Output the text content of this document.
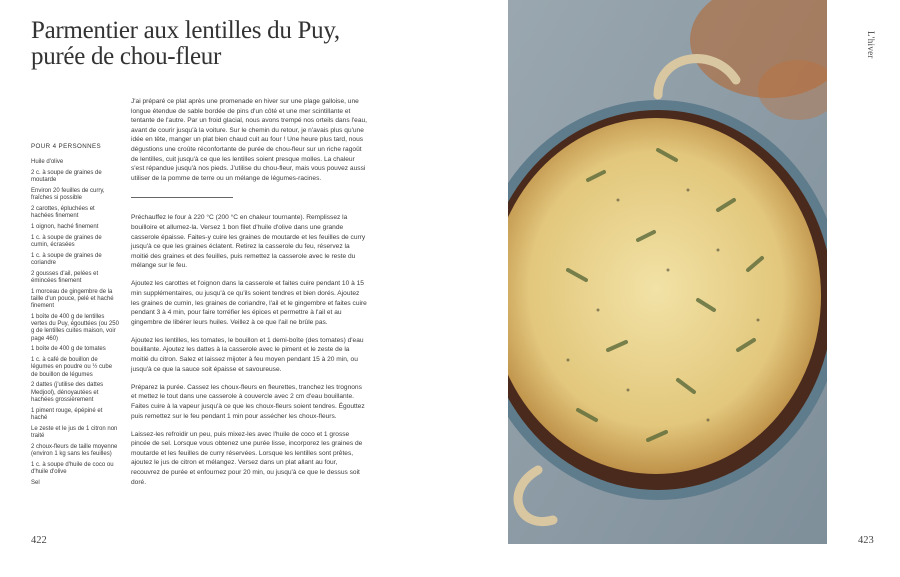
Parmentier aux lentilles du Puy,
purée de chou-fleur
POUR 4 PERSONNES
Huile d'olive
2 c. à soupe de graines de moutarde
Environ 20 feuilles de curry, fraîches si possible
2 carottes, épluchées et hachées finement
1 oignon, haché finement
1 c. à soupe de graines de cumin, écrasées
1 c. à soupe de graines de coriandre
2 gousses d'ail, pelées et émincées finement
1 morceau de gingembre de la taille d'un pouce, pelé et haché finement
1 boîte de 400 g de lentilles vertes du Puy, égouttées (ou 250 g de lentilles cuites maison, voir page 460)
1 boîte de 400 g de tomates
1 c. à café de bouillon de légumes en poudre ou ½ cube de bouillon de légumes
2 dattes (j'utilise des dattes Medjool), dénoyautées et hachées grossièrement
1 piment rouge, épépiné et haché
Le zeste et le jus de 1 citron non traité
2 choux-fleurs de taille moyenne (environ 1 kg sans les feuilles)
1 c. à soupe d'huile de coco ou d'huile d'olive
Sel

J'ai préparé ce plat après une promenade en hiver sur une plage galloise, une longue étendue de sable bordée de pins d'un côté et une mer scintillante et tentante de l'autre. Par un froid glacial, nous avons trempé nos orteils dans l'eau, avant de courir jusqu'à la voiture. Sur le chemin du retour, je n'avais plus qu'une idée en tête, manger un plat bien chaud cuit au four ! Une heure plus tard, nous dégustions une croûte réconfortante de purée de chou-fleur sur un riche ragoût de lentilles, cuit jusqu'à ce que les lentilles soient presque molles. La chaleur s'est répandue jusqu'à nos pieds. J'utilise du chou-fleur, mais vous pouvez aussi utiliser de la pomme de terre ou un mélange de légumes-racines.

Préchauffez le four à 220 °C (200 °C en chaleur tournante). Remplissez la bouilloire et allumez-la. Versez 1 bon filet d'huile d'olive dans une grande casserole épaisse. Faites-y cuire les graines de moutarde et les feuilles de curry jusqu'à ce que les graines éclatent. Retirez la casserole du feu, réservez la moitié des graines et des feuilles, puis remettez la casserole avec le reste du mélange sur le feu.

Ajoutez les carottes et l'oignon dans la casserole et faites cuire pendant 10 à 15 min supplémentaires, ou jusqu'à ce qu'ils soient tendres et bien dorés. Ajoutez les graines de cumin, les graines de coriandre, l'ail et le gingembre et faites cuire pendant 3 à 4 min, pour faire torréfier les épices et permettre à l'ail et au gingembre de libérer leurs huiles. Veillez à ce que l'ail ne brûle pas.

Ajoutez les lentilles, les tomates, le bouillon et 1 demi-boîte (des tomates) d'eau bouillante. Ajoutez les dattes à la casserole avec le piment et le zeste de la moitié du citron. Salez et laissez mijoter à feu moyen pendant 15 à 20 min, ou jusqu'à ce que la sauce soit épaisse et savoureuse.

Préparez la purée. Cassez les choux-fleurs en fleurettes, tranchez les trognons et mettez le tout dans une casserole à couvercle avec 2 cm d'eau bouillante. Faites cuire à la vapeur jusqu'à ce que les choux-fleurs soient tendres. Égouttez puis remettez sur le feu pendant 1 min pour assécher les choux-fleurs.

Laissez-les refroidir un peu, puis mixez-les avec l'huile de coco et 1 grosse pincée de sel. Lorsque vous obtenez une purée lisse, incorporez les graines de moutarde et les feuilles de curry réservées. Lorsque les lentilles sont prêtes, ajoutez le jus de citron et mélangez. Versez dans un plat allant au four, recouvrez de purée et enfournez pour 20 min, ou jusqu'à ce que le dessus soit doré.

422
L'hiver
423
